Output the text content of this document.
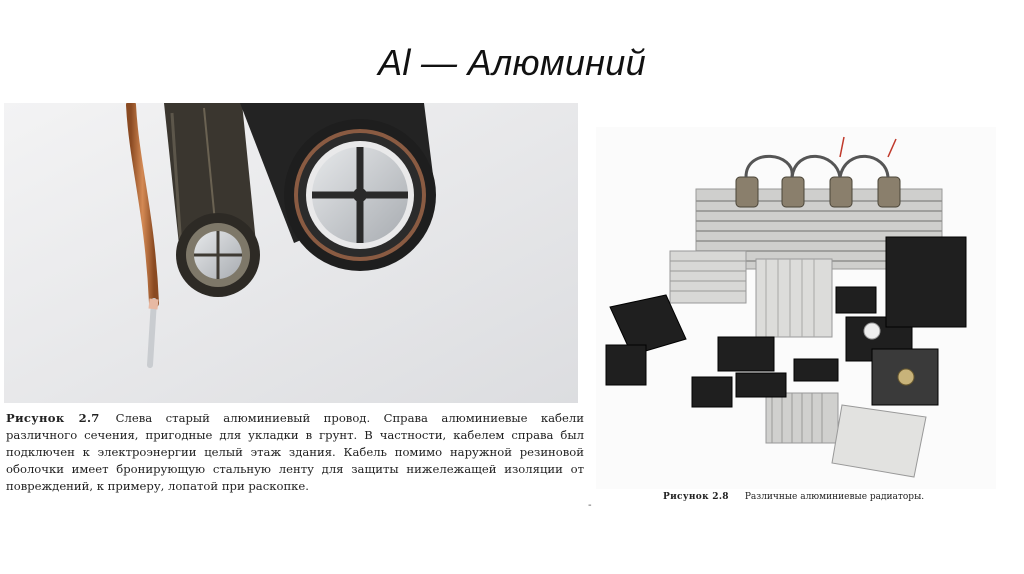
Al — Алюминий
Рисунок 2.7 Слева старый алюминиевый провод. Справа алюминиевые кабели различного сечения, пригодные для укладки в грунт. В частности, кабелем справа был подключен к электроэнергии целый этаж здания. Кабель помимо наружной резиновой оболочки имеет бронирующую стальную ленту для защиты нижележащей изоляции от повреждений, к примеру, лопатой при раскопке.
Рисунок 2.8 Различные алюминиевые радиаторы.
-
